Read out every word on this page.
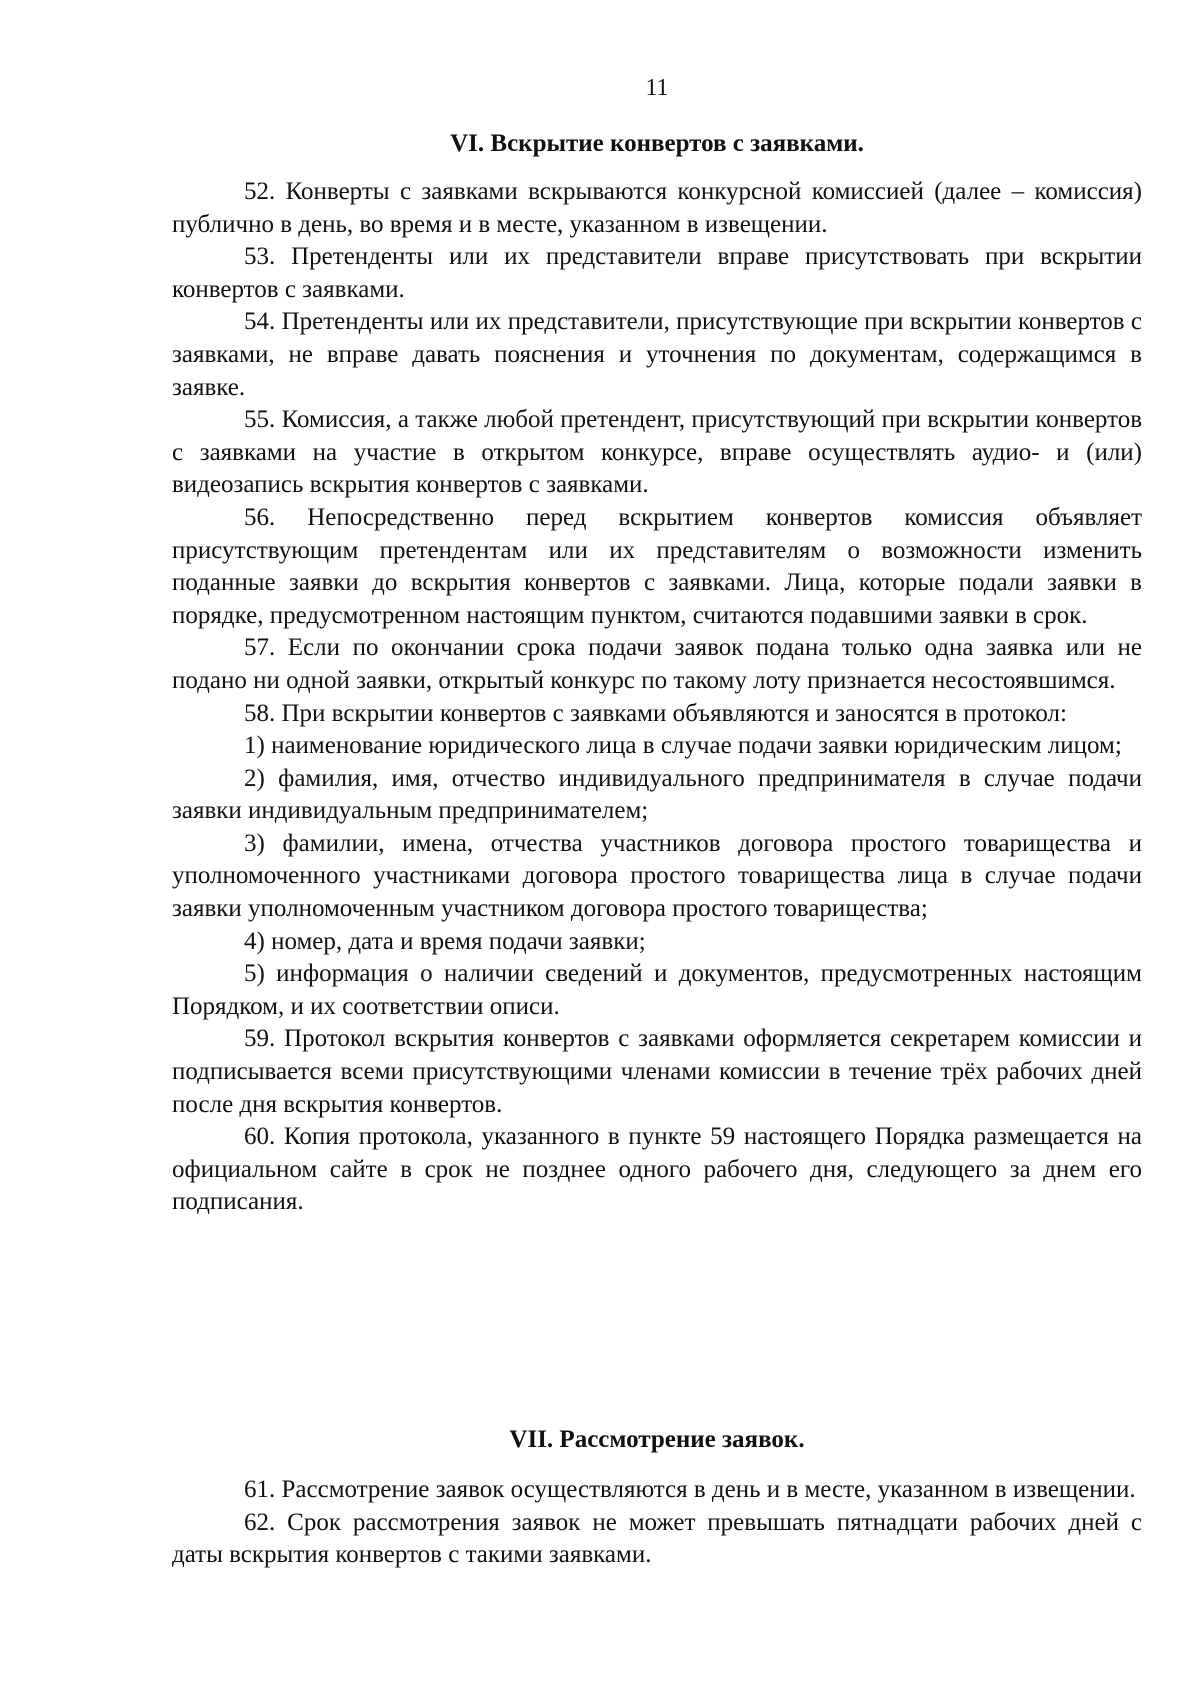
11
VI. Вскрытие конвертов с заявками.

52. Конверты с заявками вскрываются конкурсной комиссией (далее – комиссия) публично в день, во время и в месте, указанном в извещении.

53. Претенденты или их представители вправе присутствовать при вскрытии конвертов с заявками.

54. Претенденты или их представители, присутствующие при вскрытии конвертов с заявками, не вправе давать пояснения и уточнения по документам, содержащимся в заявке.

55. Комиссия, а также любой претендент, присутствующий при вскрытии конвертов с заявками на участие в открытом конкурсе, вправе осуществлять аудио- и (или) видеозапись вскрытия конвертов с заявками.

56. Непосредственно перед вскрытием конвертов комиссия объявляет присутствующим претендентам или их представителям о возможности изменить поданные заявки до вскрытия конвертов с заявками. Лица, которые подали заявки в порядке, предусмотренном настоящим пунктом, считаются подавшими заявки в срок.

57. Если по окончании срока подачи заявок подана только одна заявка или не подано ни одной заявки, открытый конкурс по такому лоту признается несостоявшимся.

58. При вскрытии конвертов с заявками объявляются и заносятся в протокол:

1) наименование юридического лица в случае подачи заявки юридическим лицом;

2) фамилия, имя, отчество индивидуального предпринимателя в случае подачи заявки индивидуальным предпринимателем;

3) фамилии, имена, отчества участников договора простого товарищества и уполномоченного участниками договора простого товарищества лица в случае подачи заявки уполномоченным участником договора простого товарищества;

4) номер, дата и время подачи заявки;

5) информация о наличии сведений и документов, предусмотренных настоящим Порядком, и их соответствии описи.

59. Протокол вскрытия конвертов с заявками оформляется секретарем комиссии и подписывается всеми присутствующими членами комиссии в течение трёх рабочих дней после дня вскрытия конвертов.

60. Копия протокола, указанного в пункте 59 настоящего Порядка размещается на официальном сайте в срок не позднее одного рабочего дня, следующего за днем его подписания.

VII. Рассмотрение заявок.

61. Рассмотрение заявок осуществляются в день и в месте, указанном в извещении.

62. Срок рассмотрения заявок не может превышать пятнадцати рабочих дней с даты вскрытия конвертов с такими заявками.
